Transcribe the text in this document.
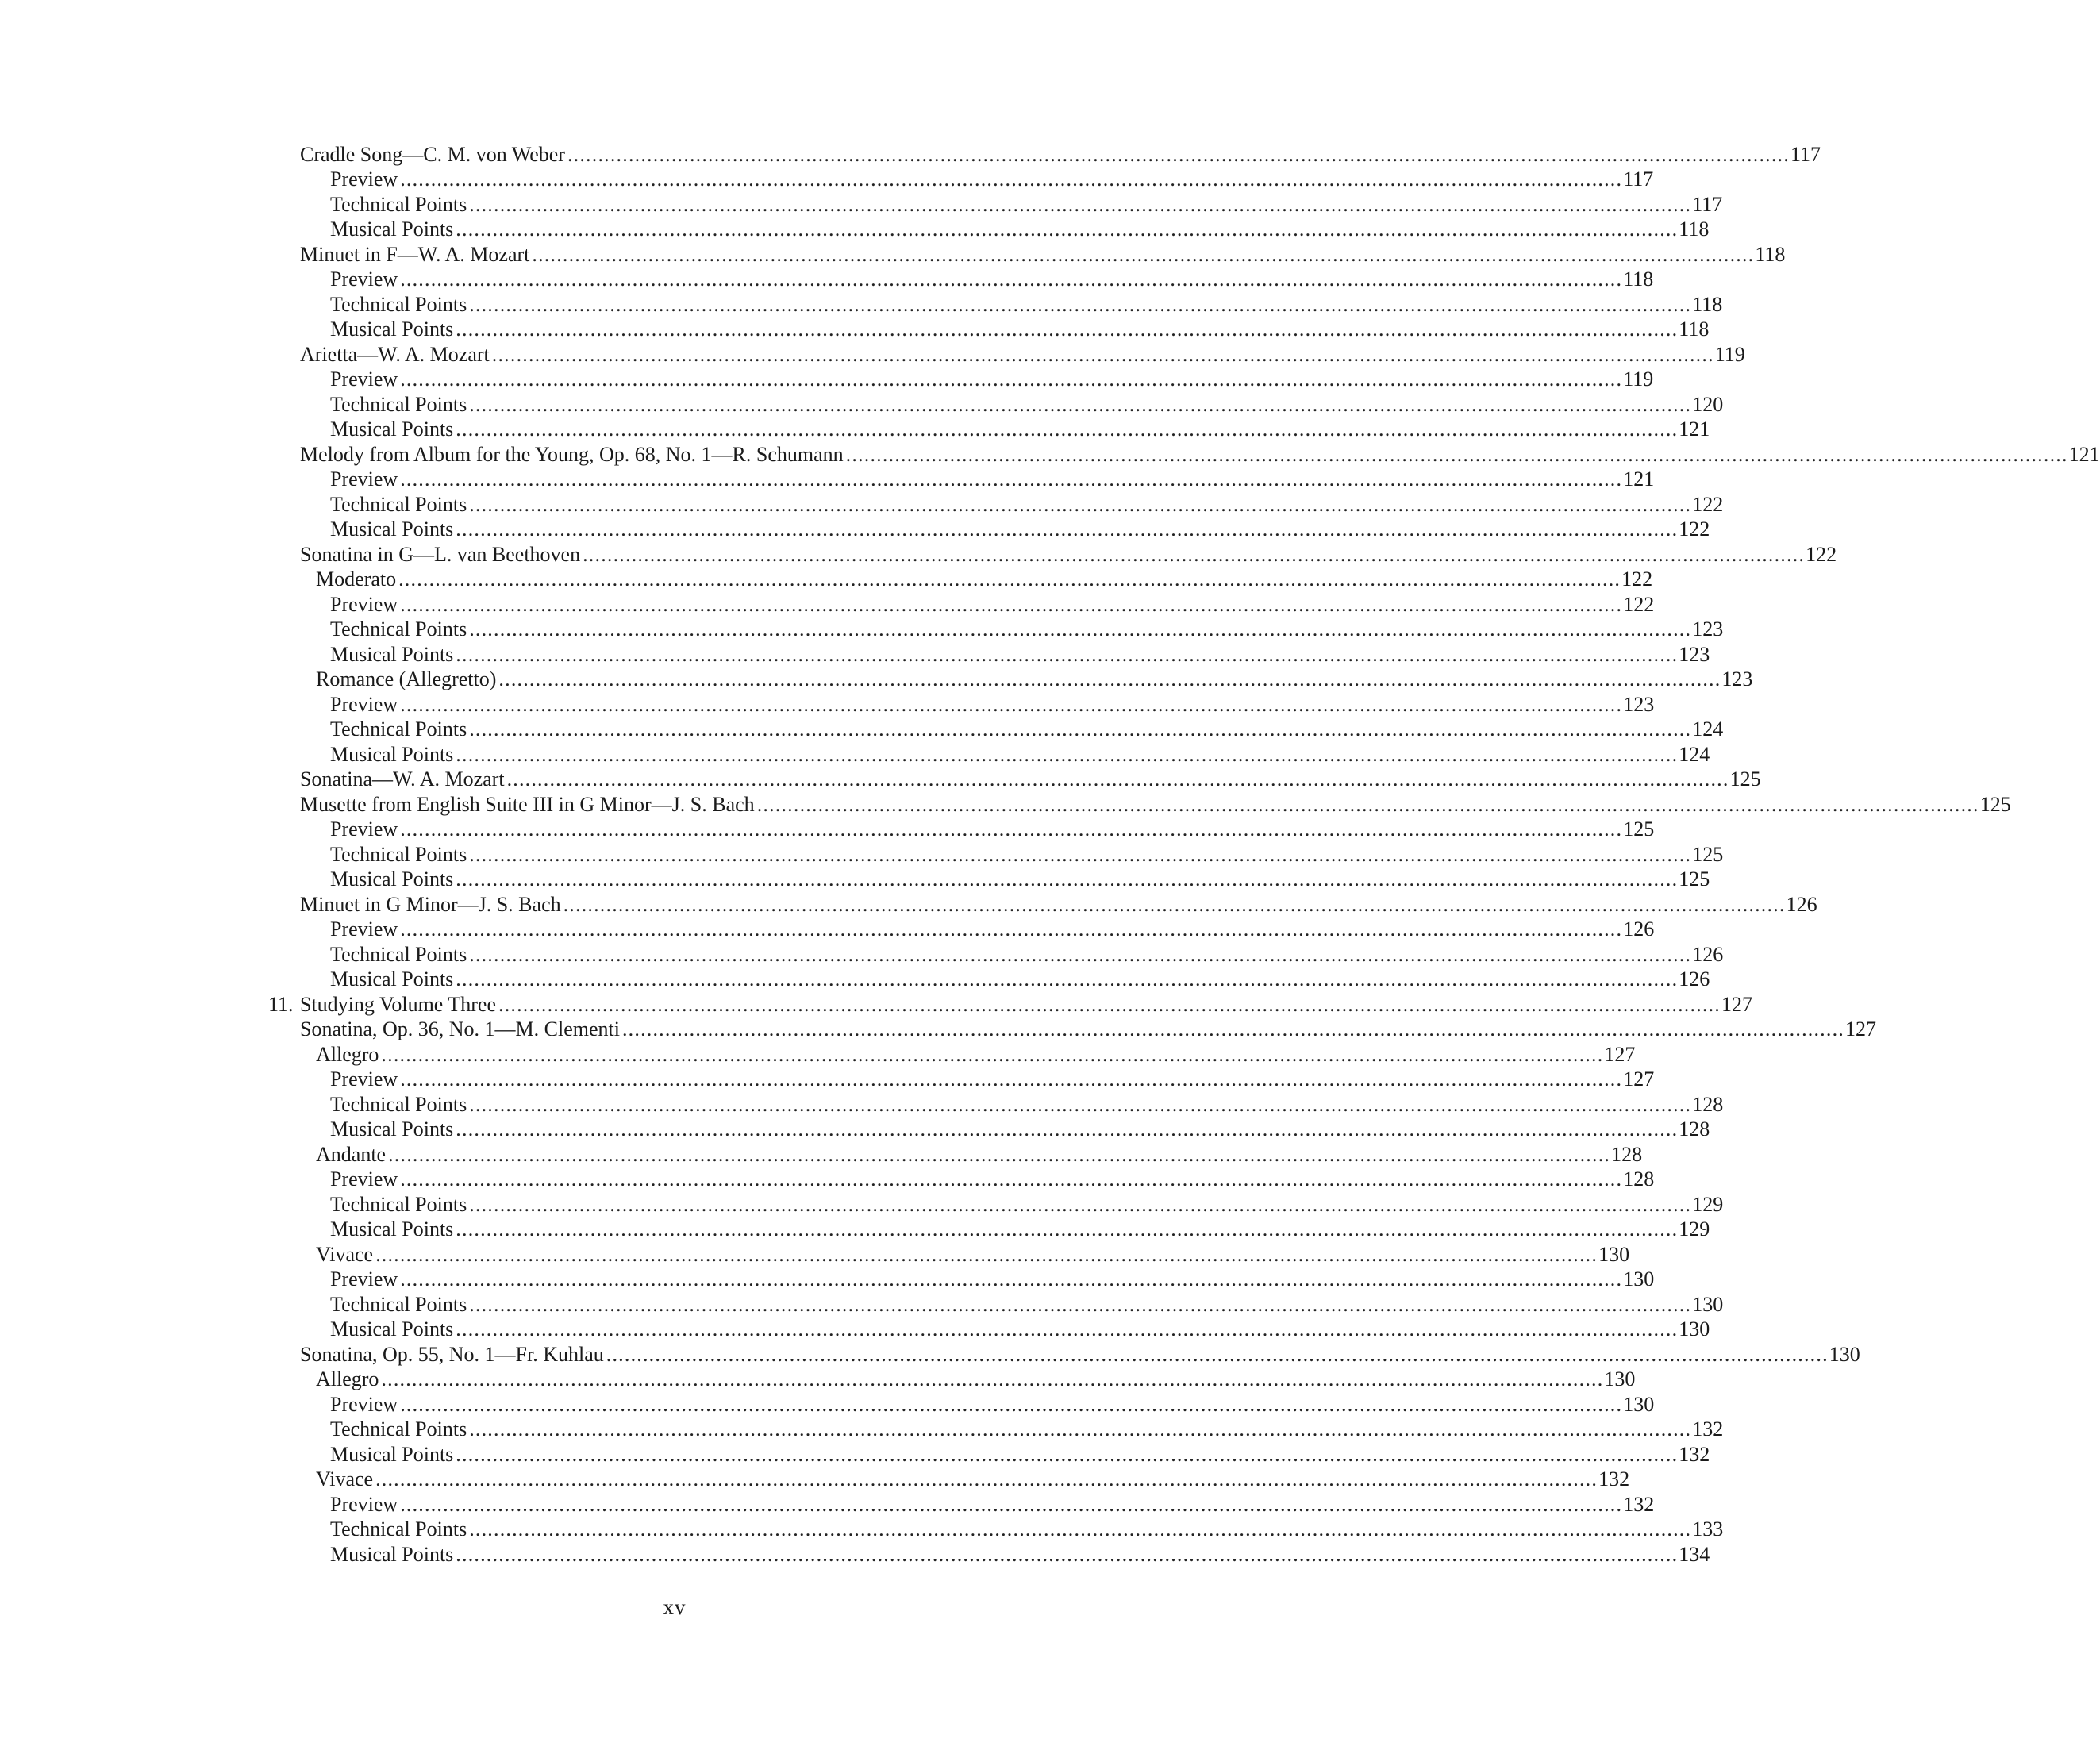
Cradle Song—C. M. von Weber ........................................................................................................................................................................................................ 117
Preview ........................................................................................................................................................................................................ 117
Technical Points ........................................................................................................................................................................................................ 117
Musical Points ........................................................................................................................................................................................................ 118
Minuet in F—W. A. Mozart ........................................................................................................................................................................................................ 118
Preview ........................................................................................................................................................................................................ 118
Technical Points ........................................................................................................................................................................................................ 118
Musical Points ........................................................................................................................................................................................................ 118
Arietta—W. A. Mozart ........................................................................................................................................................................................................ 119
Preview ........................................................................................................................................................................................................ 119
Technical Points ........................................................................................................................................................................................................ 120
Musical Points ........................................................................................................................................................................................................ 121
Melody from Album for the Young, Op. 68, No. 1—R. Schumann ........................................................................................................................................................................................................ 121
Preview ........................................................................................................................................................................................................ 121
Technical Points ........................................................................................................................................................................................................ 122
Musical Points ........................................................................................................................................................................................................ 122
Sonatina in G—L. van Beethoven ........................................................................................................................................................................................................ 122
Moderato ........................................................................................................................................................................................................ 122
Preview ........................................................................................................................................................................................................ 122
Technical Points ........................................................................................................................................................................................................ 123
Musical Points ........................................................................................................................................................................................................ 123
Romance (Allegretto) ........................................................................................................................................................................................................ 123
Preview ........................................................................................................................................................................................................ 123
Technical Points ........................................................................................................................................................................................................ 124
Musical Points ........................................................................................................................................................................................................ 124
Sonatina—W. A. Mozart ........................................................................................................................................................................................................ 125
Musette from English Suite III in G Minor—J. S. Bach ........................................................................................................................................................................................................ 125
Preview ........................................................................................................................................................................................................ 125
Technical Points ........................................................................................................................................................................................................ 125
Musical Points ........................................................................................................................................................................................................ 125
Minuet in G Minor—J. S. Bach ........................................................................................................................................................................................................ 126
Preview ........................................................................................................................................................................................................ 126
Technical Points ........................................................................................................................................................................................................ 126
Musical Points ........................................................................................................................................................................................................ 126
11. Studying Volume Three ........................................................................................................................................................................................................ 127
Sonatina, Op. 36, No. 1—M. Clementi ........................................................................................................................................................................................................ 127
Allegro ........................................................................................................................................................................................................ 127
Preview ........................................................................................................................................................................................................ 127
Technical Points ........................................................................................................................................................................................................ 128
Musical Points ........................................................................................................................................................................................................ 128
Andante ........................................................................................................................................................................................................ 128
Preview ........................................................................................................................................................................................................ 128
Technical Points ........................................................................................................................................................................................................ 129
Musical Points ........................................................................................................................................................................................................ 129
Vivace ........................................................................................................................................................................................................ 130
Preview ........................................................................................................................................................................................................ 130
Technical Points ........................................................................................................................................................................................................ 130
Musical Points ........................................................................................................................................................................................................ 130
Sonatina, Op. 55, No. 1—Fr. Kuhlau ........................................................................................................................................................................................................ 130
Allegro ........................................................................................................................................................................................................ 130
Preview ........................................................................................................................................................................................................ 130
Technical Points ........................................................................................................................................................................................................ 132
Musical Points ........................................................................................................................................................................................................ 132
Vivace ........................................................................................................................................................................................................ 132
Preview ........................................................................................................................................................................................................ 132
Technical Points ........................................................................................................................................................................................................ 133
Musical Points ........................................................................................................................................................................................................ 134
xv
